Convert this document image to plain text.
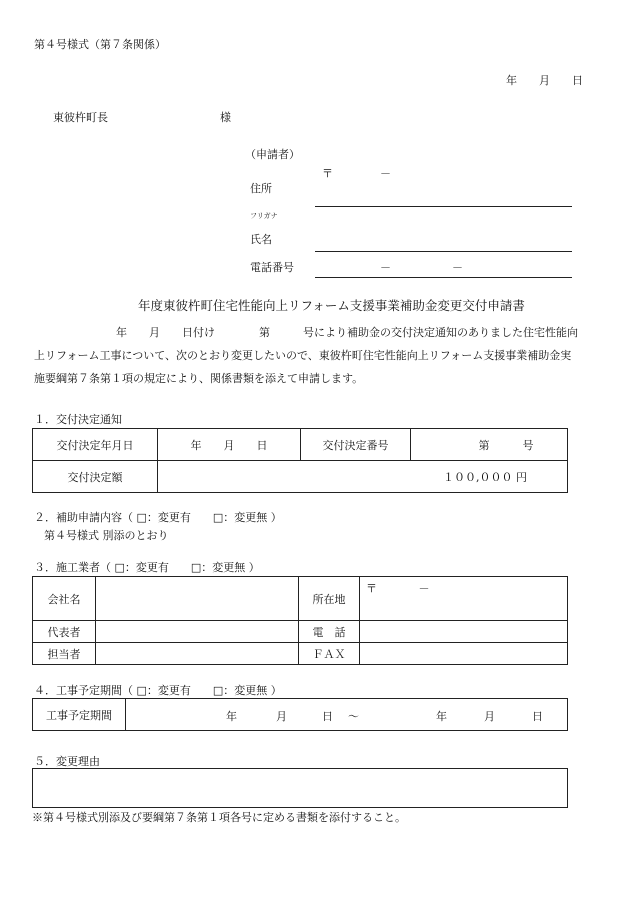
第４号様式（第７条関係）
年　　月　　日
東彼杵町長	様
（申請者）
〒	－
住所
フリガナ
氏名
電話番号	－	－
年度東彼杵町住宅性能向上リフォーム支援事業補助金変更交付申請書
　　年　　月　　日付け　　　　第　　　号により補助金の交付決定通知のありました住宅性能向
上リフォーム工事について、次のとおり変更したいので、東彼杵町住宅性能向上リフォーム支援事業補助金実
施要綱第７条第１項の規定により、関係書類を添えて申請します。
１．交付決定通知
交付決定年月日	年　　月　　日	交付決定番号	第　　　号
交付決定額	１００,０００ 円		
２．補助申請内容（ □：変更有　　□：変更無 ）
第４号様式 別添のとおり
３．施工業者（ □：変更有　　□：変更無 ）
会社名		所在地	〒 －
代表者		電　話	
担当者		ＦＡＸ	
４．工事予定期間（ □：変更有　　□：変更無 ）
工事予定期間	年	月	日 ～	年	月	日
５．変更理由
※第４号様式別添及び要綱第７条第１項各号に定める書類を添付すること。
